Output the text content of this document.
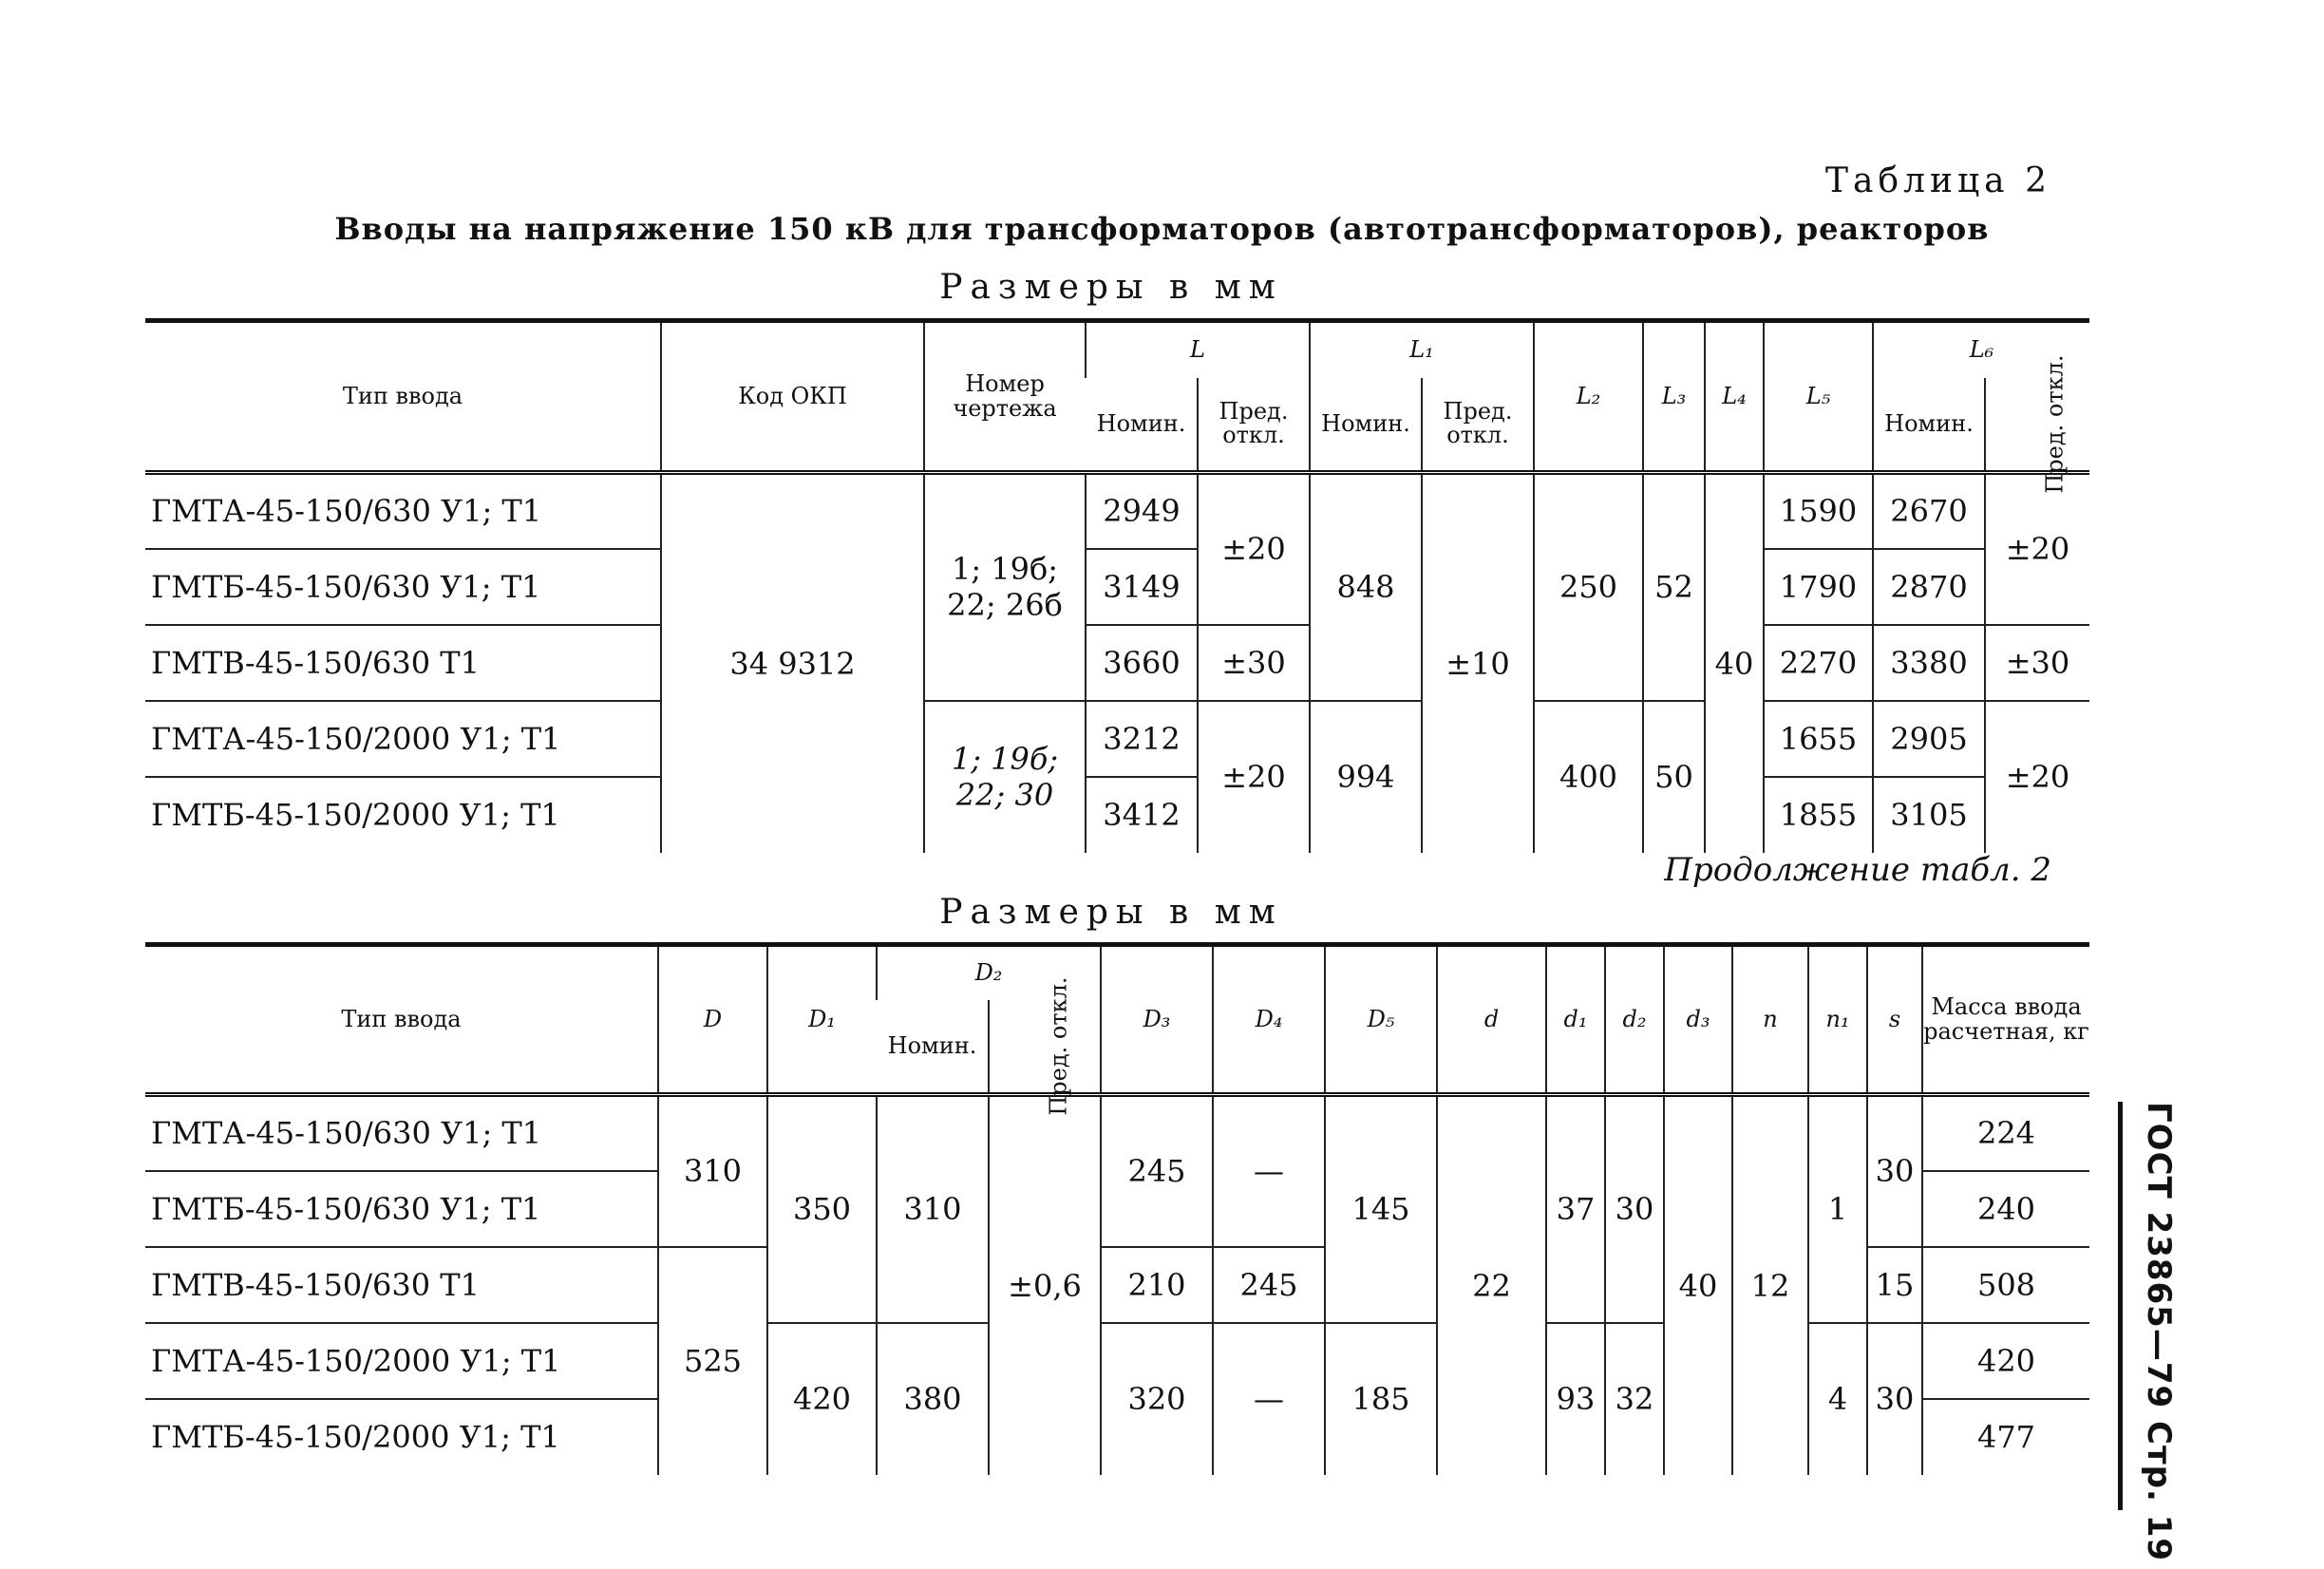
Таблица 2
Вводы на напряжение 150 кВ для трансформаторов (автотрансформаторов), реакторов
Размеры в мм
Тип ввода	Код ОКП	Номер чертежа	L		L₁		L₂	L₃	L₄	L₅	L₆	
			Номин.	Пред. откл.	Номин.	Пред. откл.					Номин.	Пред. откл.
ГМТА-45-150/630 У1; Т1	34 9312	1; 19б; 22; 26б	2949	±20	848	±10	250	52	40	1590	2670	±20
ГМТБ-45-150/630 У1; Т1			3149							1790	2870	
ГМТВ-45-150/630 Т1			3660	±30						2270	3380	±30
ГМТА-45-150/2000 У1; Т1		1; 19б; 22; 30	3212	±20	994		400	50		1655	2905	±20
ГМТБ-45-150/2000 У1; Т1			3412							1855	3105	
Продолжение табл. 2
Размеры в мм
Тип ввода	D	D₁	D₂		D₃	D₄	D₅	d	d₁	d₂	d₃	n	n₁	s	Масса ввода расчетная, кг
			Номин.	Пред. откл.											
ГМТА-45-150/630 У1; Т1	310	350	310	±0,6	245	—	145	22	37	30	40	12	1	30	224
ГМТБ-45-150/630 У1; Т1															240
ГМТВ-45-150/630 Т1	525				210	245								15	508
ГМТА-45-150/2000 У1; Т1		420	380		320	—	185		93	32			4	30	420
ГМТБ-45-150/2000 У1; Т1															477	ГОСТ 23865—79 Стр. 19
